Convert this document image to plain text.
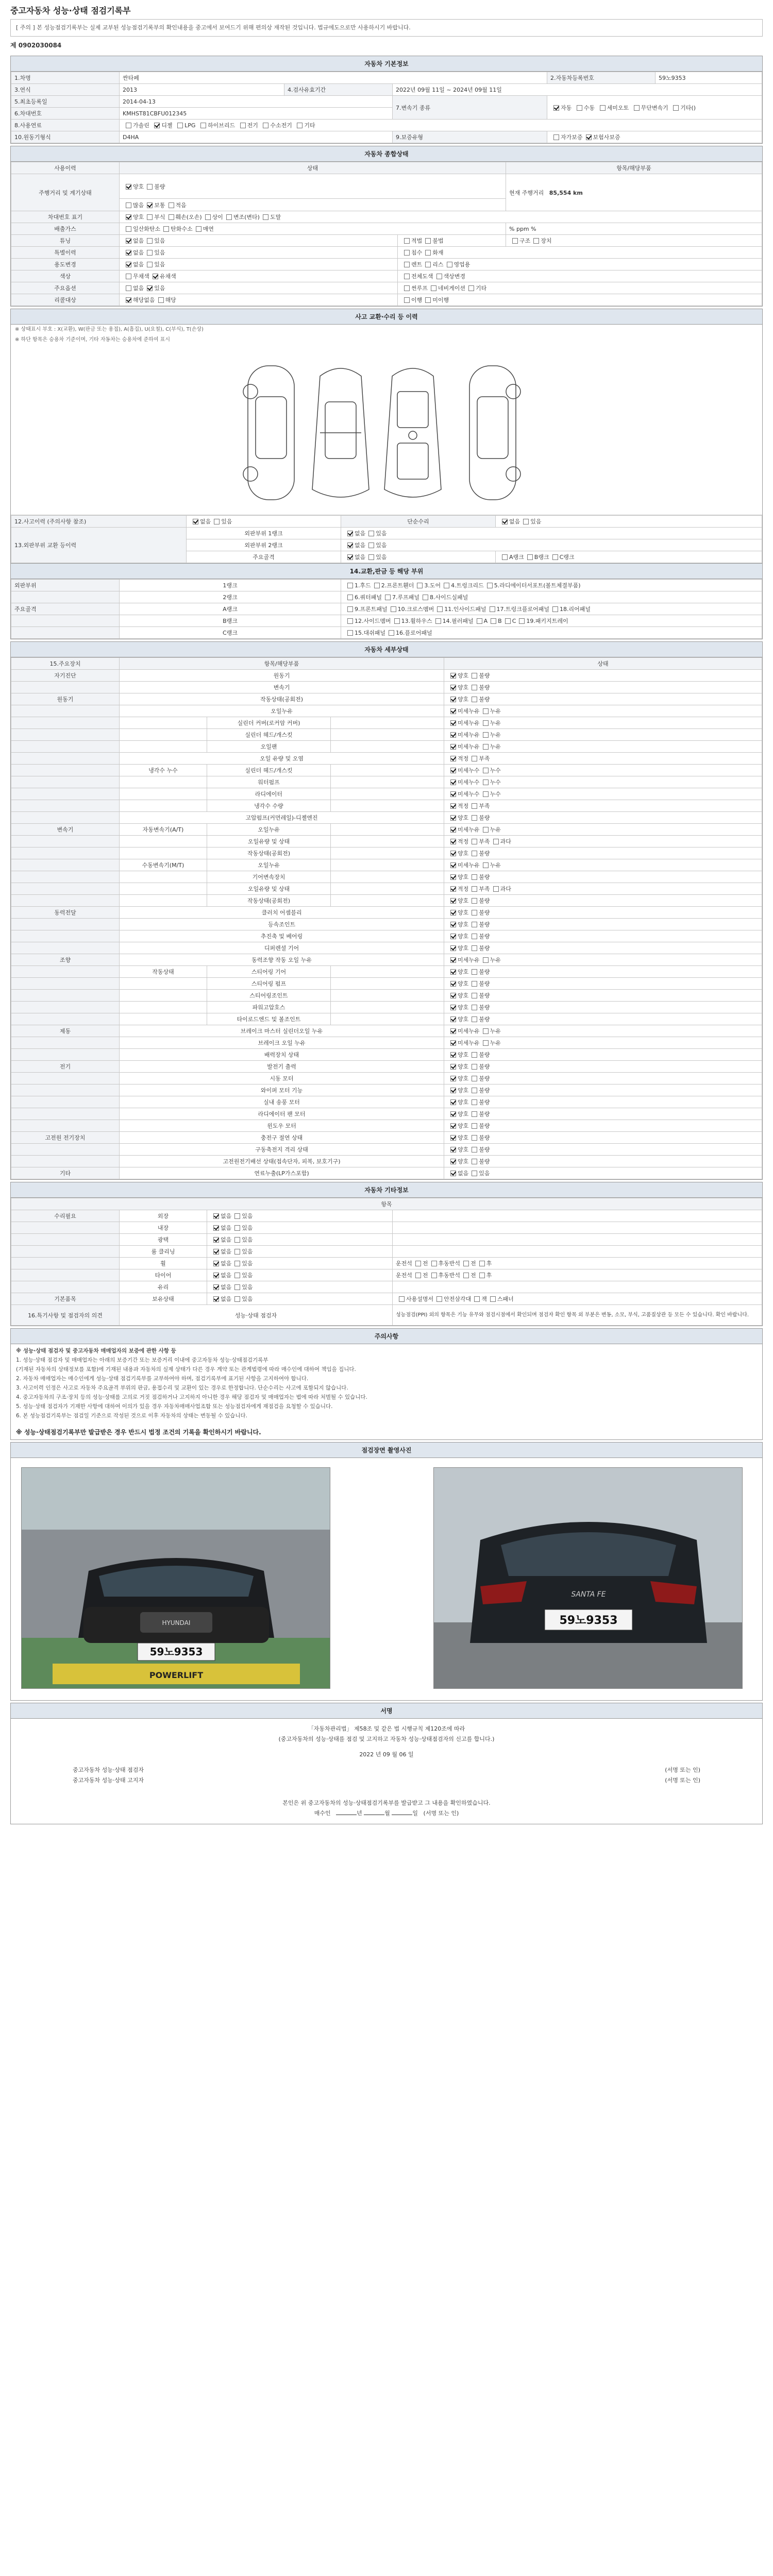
중고자동차 성능·상태 점검기록부
[ 주의 ] 본 성능점검기록부는 실제 교부된 성능점검기록부의 확인내용을 중고에서 보여드기 위해 편의상 재작된 것입니다. 법규에도으로만 사용하시기 바랍니다.
제 0902030084
자동차 기본정보
1.차명	싼타페			2.자동차등록번호	59노9353
3.연식	2013	4.검사유효기간	2022년 09월 11일 ~ 2024년 09월 11일		
5.최초등록일	2014-04-13		7.변속기 종류	자동 수동 세미오토 무단변속기 기타()	
6.차대번호	KMHST81CBFU012345				
8.사용연료	가솔린 디젤 LPG 하이브리드 전기 수소전기 기타				
10.원동기형식	D4HA		9.보증유형	자가보증 보험사보증	
자동차 종합상태
사용이력	상태		항목/해당부품
주행거리 및 계기상태	양호 불량		현재 주행거리 85,554 km
	많음 보통 적음		
차대번호 표기	양호 부식 훼손(오손) 상이 변조(변타) 도말		
배출가스	일산화탄소 탄화수소 매연		% ppm %
튜닝	없음 있음	적법 불법	구조 장치
특별이력	없음 있음	침수 화재	
용도변경	없음 있음	렌트 리스 영업용	
색상	무채색 유채색	전체도색 색상변경	
주요옵션	없음 있음	썬루프 네비게이션 기타	
리콜대상	해당없음 해당	이행 미이행	
사고 교환·수리 등 이력
※ 상태표시 부호 : X(교환), W(판금 또는 용접), A(흠집), U(요철), C(부식), T(손상)
※ 하단 항목은 승용차 기준이며, 기타 자동차는 승용차에 준하여 표시
12.사고이력 (주의사항 참조)	없음 있음	단순수리	없음 있음
13.외판부위 교환 등이력	외판부위 1랭크	없음 있음	
	외판부위 2랭크	없음 있음	
	주요골격	없음 있음	A랭크 B랭크 C랭크
14.교환,판금 등 해당 부위
외판부위	1랭크	1.후드 2.프론트휀더 3.도어 4.트렁크리드 5.라디에이터서포트(볼트체결부품)
	2랭크	6.쿼터패널 7.루프패널 8.사이드실패널
주요골격	A랭크	9.프론트패널 10.크로스멤버 11.인사이드패널 17.트렁크플로어패널 18.리어패널
	B랭크	12.사이드멤버 13.휠하우스 14.필러패널 A B C 19.패키지트레이
	C랭크	15.대쉬패널 16.플로어패널
자동차 세부상태
15.주요장치	항목/해당부품			상태
자기진단	원동기			양호 불량
	변속기			양호 불량
원동기	작동상태(공회전)			양호 불량
	오일누유			미세누유 누유
		실린더 커버(로커암 커버)		미세누유 누유
		실린더 헤드/개스킷		미세누유 누유
		오일팬		미세누유 누유
	오일 유량 및 오염			적정 부족
	냉각수 누수	실린더 헤드/개스킷		미세누수 누수
		워터펌프		미세누수 누수
		라디에이터		미세누수 누수
		냉각수 수량		적정 부족
	고압펌프(커먼레일)-디젤엔진			양호 불량
변속기	자동변속기(A/T)	오일누유		미세누유 누유
		오일유량 및 상태		적정 부족 과다
		작동상태(공회전)		양호 불량
	수동변속기(M/T)	오일누유		미세누유 누유
		기어변속장치		양호 불량
		오일유량 및 상태		적정 부족 과다
		작동상태(공회전)		양호 불량
동력전달	클러치 어셈블리			양호 불량
	등속조인트			양호 불량
	추진축 및 베어링			양호 불량
	디퍼렌셜 기어			양호 불량
조향	동력조향 작동 오일 누유			미세누유 누유
	작동상태	스티어링 기어		양호 불량
		스티어링 펌프		양호 불량
		스티어링조인트		양호 불량
		파워고압호스		양호 불량
		타이로드엔드 및 볼조인트		양호 불량
제동	브레이크 마스터 실린더오일 누유			미세누유 누유
	브레이크 오일 누유			미세누유 누유
	배력장치 상태			양호 불량
전기	발전기 출력			양호 불량
	시동 모터			양호 불량
	와이퍼 모터 기능			양호 불량
	실내 송풍 모터			양호 불량
	라디에이터 팬 모터			양호 불량
	윈도우 모터			양호 불량
고전원 전기장치	충전구 절연 상태			양호 불량
	구동축전지 격리 상태			양호 불량
	고전원전기배선 상태(접속단자, 피복, 보호기구)			양호 불량
기타	연료누출(LP가스포함)			없음 있음
자동차 기타정보
항목			
수리필요	외장	없음 있음	
	내장	없음 있음	
	광택	없음 있음	
	룸 클리닝	없음 있음	
	휠	없음 있음	운전석 전 후동반석 전 후
	타이어	없음 있음	운전석 전 후동반석 전 후
	유리	없음 있음	
기본품목	보유상태	없음 있음	사용설명서 안전삼각대 잭 스패너
16.특기사항 및 점검자의 의견	성능·상태 점검자		성능점검(PPI) 외의 항목은 기능 유무와 점검시점에서 확인되며 점검자 확인 항목 외 부분은 변동, 소모, 부식, 고품질상관 등 모든 수 있습니다. 확인 바랍니다.
주의사항

※ 성능·상태 점검자 및 중고자동차 매매업자의 보증에 관한 사항 등

1. 성능·상태 점검자 및 매매업자는 아래의 보증기간 또는 보증거리 이내에 중고자동차 성능·상태점검기록부

(기재된 자동차의 상태정보를 포함)에 기재된 내용과 자동차의 실제 상태가 다른 경우 계약 또는 관계법령에 따라 매수인에 대하여 책임을 집니다.

2. 자동차 매매업자는 매수인에게 성능·상태 점검기록부를 교부하여야 하며, 점검기록부에 표기된 사항을 고지하여야 합니다.

3. 사고이력 인정은 사고로 자동차 주요골격 부위의 판금, 용접수리 및 교환이 있는 경우로 한정합니다. 단순수리는 사고에 포함되지 않습니다.

4. 중고자동차의 구조·장치 등의 성능·상태를 고의로 거짓 점검하거나 고지하지 아니한 경우 해당 점검자 및 매매업자는 법에 따라 처벌될 수 있습니다.

5. 성능·상태 점검자가 기재한 사항에 대하여 이의가 있을 경우 자동차매매사업조합 또는 성능점검자에게 재점검을 요청할 수 있습니다.

6. 본 성능점검기록부는 점검일 기준으로 작성된 것으로 이후 자동차의 상태는 변동될 수 있습니다.

※ 성능·상태점검기록부만 발급받은 경우 반드시 법정 조건의 기록을 확인하시기 바랍니다.
점검장면 촬영사진
HYUNDAI
59노9353
POWERLIFT
SANTA FE
59노9353
서명
「자동차관리법」 제58조 및 같은 법 시행규칙 제120조에 따라
(중고자동차의 성능·상태를 점검 및 고지하고 자동차 성능·상태점검자의 신고를 합니다.)
2022 년 09 월 06 일
중고자동차 성능·상태 점검자	(서명 또는 인)
중고자동차 성능·상태 고지자	(서명 또는 인)
본인은 위 중고자동차의 성능·상태점검기록부를 발급받고 그 내용을 확인하였습니다.
매수인	년	월	일 (서명 또는 인)
